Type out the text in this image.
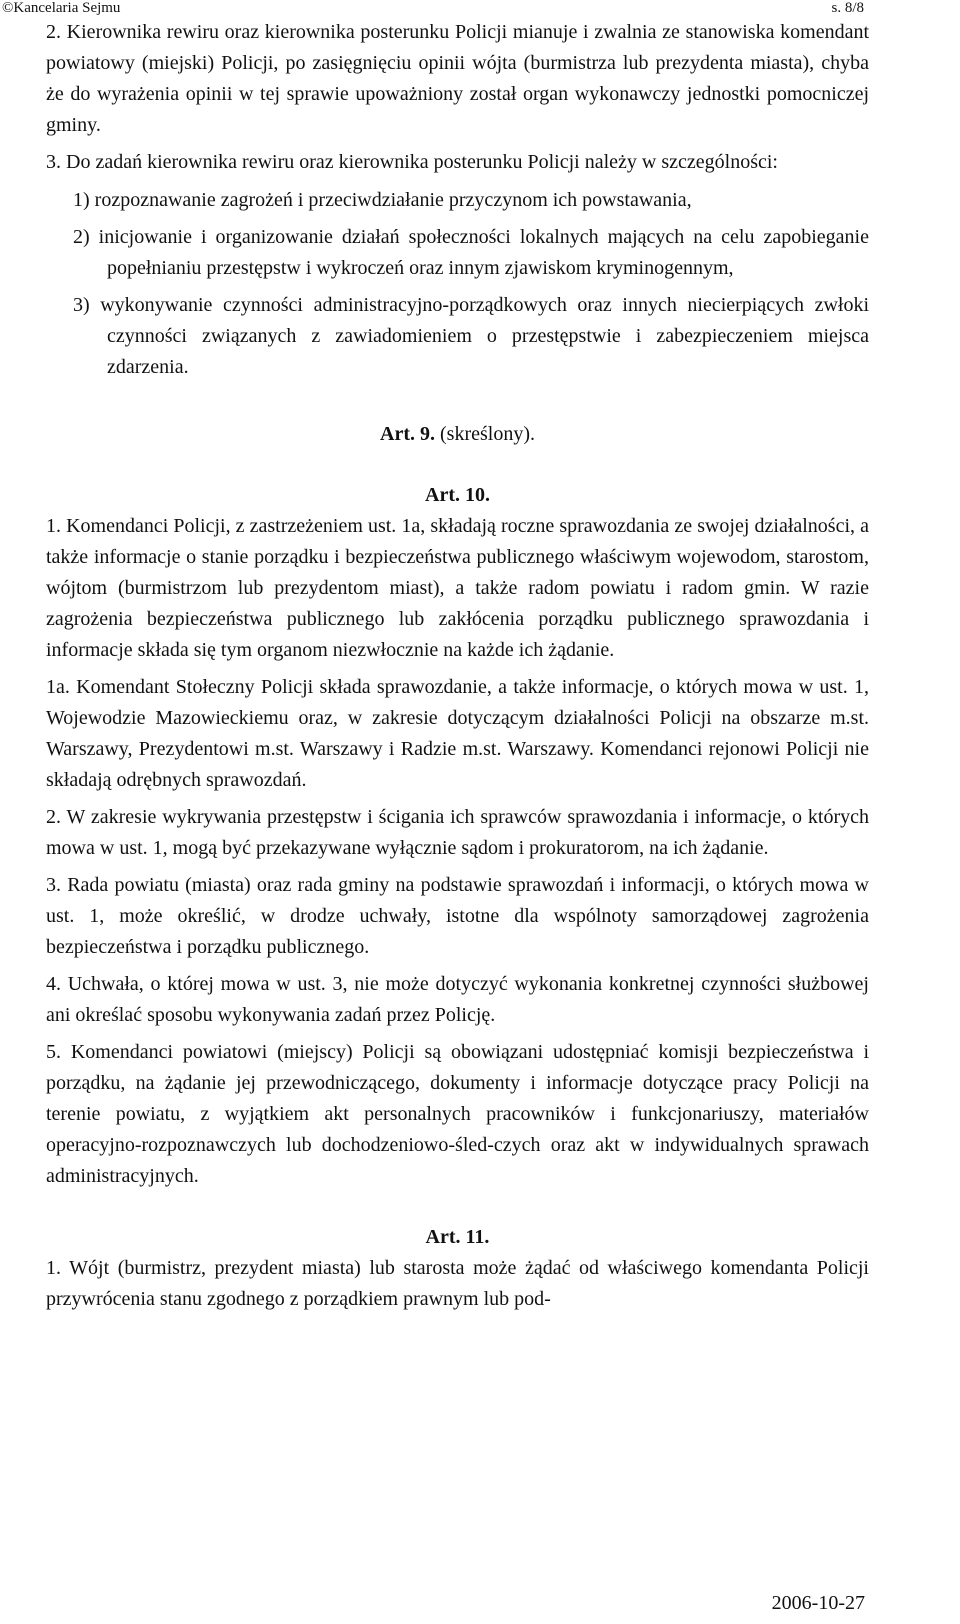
©Kancelaria Sejmu	s. 8/8

2. Kierownika rewiru oraz kierownika posterunku Policji mianuje i zwalnia ze stanowiska komendant powiatowy (miejski) Policji, po zasięgnięciu opinii wójta (burmistrza lub prezydenta miasta), chyba że do wyrażenia opinii w tej sprawie upoważniony został organ wykonawczy jednostki pomocniczej gminy.

3. Do zadań kierownika rewiru oraz kierownika posterunku Policji należy w szczególności:

1) rozpoznawanie zagrożeń i przeciwdziałanie przyczynom ich powstawania,

2) inicjowanie i organizowanie działań społeczności lokalnych mających na celu zapobieganie popełnianiu przestępstw i wykroczeń oraz innym zjawiskom kryminogennym,

3) wykonywanie czynności administracyjno-porządkowych oraz innych niecierpiących zwłoki czynności związanych z zawiadomieniem o przestępstwie i zabezpieczeniem miejsca zdarzenia.

Art. 9. (skreślony).

Art. 10.

1. Komendanci Policji, z zastrzeżeniem ust. 1a, składają roczne sprawozdania ze swojej działalności, a także informacje o stanie porządku i bezpieczeństwa publicznego właściwym wojewodom, starostom, wójtom (burmistrzom lub prezydentom miast), a także radom powiatu i radom gmin. W razie zagrożenia bezpieczeństwa publicznego lub zakłócenia porządku publicznego sprawozdania i informacje składa się tym organom niezwłocznie na każde ich żądanie.

1a. Komendant Stołeczny Policji składa sprawozdanie, a także informacje, o których mowa w ust. 1, Wojewodzie Mazowieckiemu oraz, w zakresie dotyczącym działalności Policji na obszarze m.st. Warszawy, Prezydentowi m.st. Warszawy i Radzie m.st. Warszawy. Komendanci rejonowi Policji nie składają odrębnych sprawozdań.

2. W zakresie wykrywania przestępstw i ścigania ich sprawców sprawozdania i informacje, o których mowa w ust. 1, mogą być przekazywane wyłącznie sądom i prokuratorom, na ich żądanie.

3. Rada powiatu (miasta) oraz rada gminy na podstawie sprawozdań i informacji, o których mowa w ust. 1, może określić, w drodze uchwały, istotne dla wspólnoty samorządowej zagrożenia bezpieczeństwa i porządku publicznego.

4. Uchwała, o której mowa w ust. 3, nie może dotyczyć wykonania konkretnej czynności służbowej ani określać sposobu wykonywania zadań przez Policję.

5. Komendanci powiatowi (miejscy) Policji są obowiązani udostępniać komisji bezpieczeństwa i porządku, na żądanie jej przewodniczącego, dokumenty i informacje dotyczące pracy Policji na terenie powiatu, z wyjątkiem akt personalnych pracowników i funkcjonariuszy, materiałów operacyjno-rozpoznawczych lub dochodzeniowo-śled-czych oraz akt w indywidualnych sprawach administracyjnych.

Art. 11.

1. Wójt (burmistrz, prezydent miasta) lub starosta może żądać od właściwego komendanta Policji przywrócenia stanu zgodnego z porządkiem prawnym lub pod-

2006-10-27
